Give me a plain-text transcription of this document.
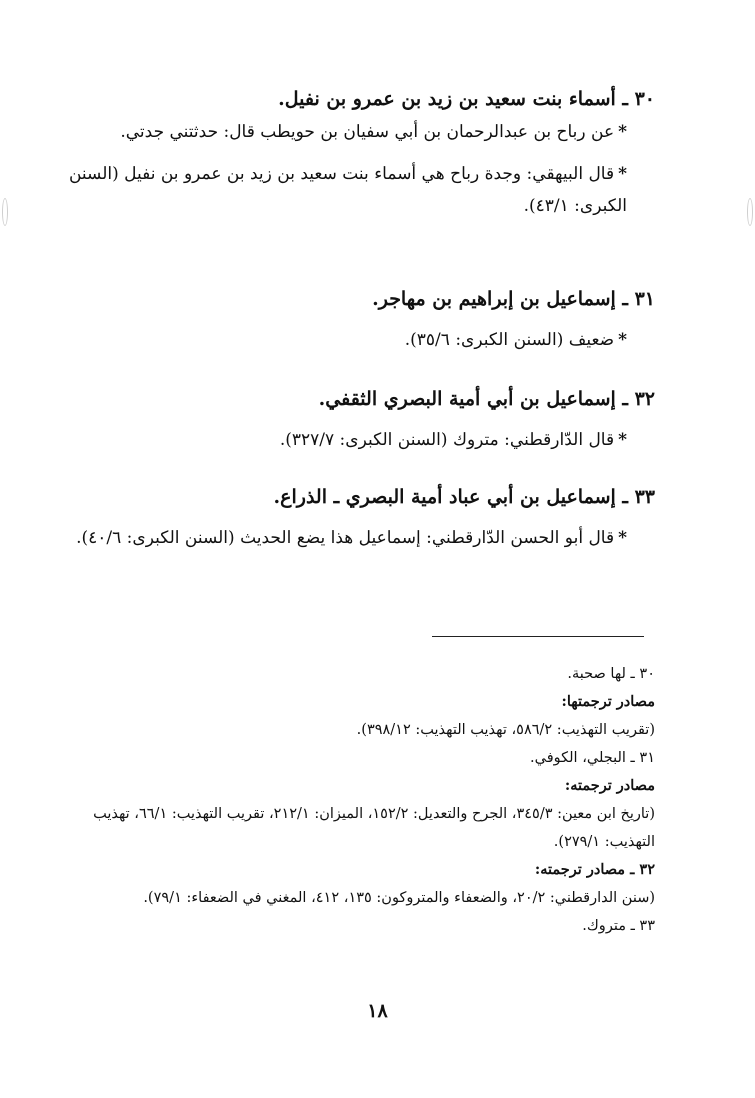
٣٠ ـ أسماء بنت سعيد بن زيد بن عمرو بن نفيل.

*عن رباح بن عبدالرحمان بن أبي سفيان بن حويطب قال: حدثتني جدتي.

*قال البيهقي: وجدة رباح هي أسماء بنت سعيد بن زيد بن عمرو بن نفيل (السنن الكبرى: ٤٣/١).

٣١ ـ إسماعيل بن إبراهيم بن مهاجر.

*ضعيف (السنن الكبرى: ٣٥/٦).

٣٢ ـ إسماعيل بن أبي أمية البصري الثقفي.

*قال الدّارقطني: متروك (السنن الكبرى: ٣٢٧/٧).

٣٣ ـ إسماعيل بن أبي عباد أمية البصري ـ الذراع.

*قال أبو الحسن الدّارقطني: إسماعيل هذا يضع الحديث (السنن الكبرى: ٤٠/٦).

٣٠ ـ لها صحبة.

مصادر ترجمتها:

(تقريب التهذيب: ٥٨٦/٢، تهذيب التهذيب: ٣٩٨/١٢).

٣١ ـ البجلي، الكوفي.

مصادر ترجمته:

(تاريخ ابن معين: ٣٤٥/٣، الجرح والتعديل: ١٥٢/٢، الميزان: ٢١٢/١، تقريب التهذيب: ٦٦/١، تهذيب التهذيب: ٢٧٩/١).

٣٢ ـ مصادر ترجمته:

(سنن الدارقطني: ٢٠/٢، والضعفاء والمتروكون: ١٣٥، ٤١٢، المغني في الضعفاء: ٧٩/١).

٣٣ ـ متروك.

١٨
